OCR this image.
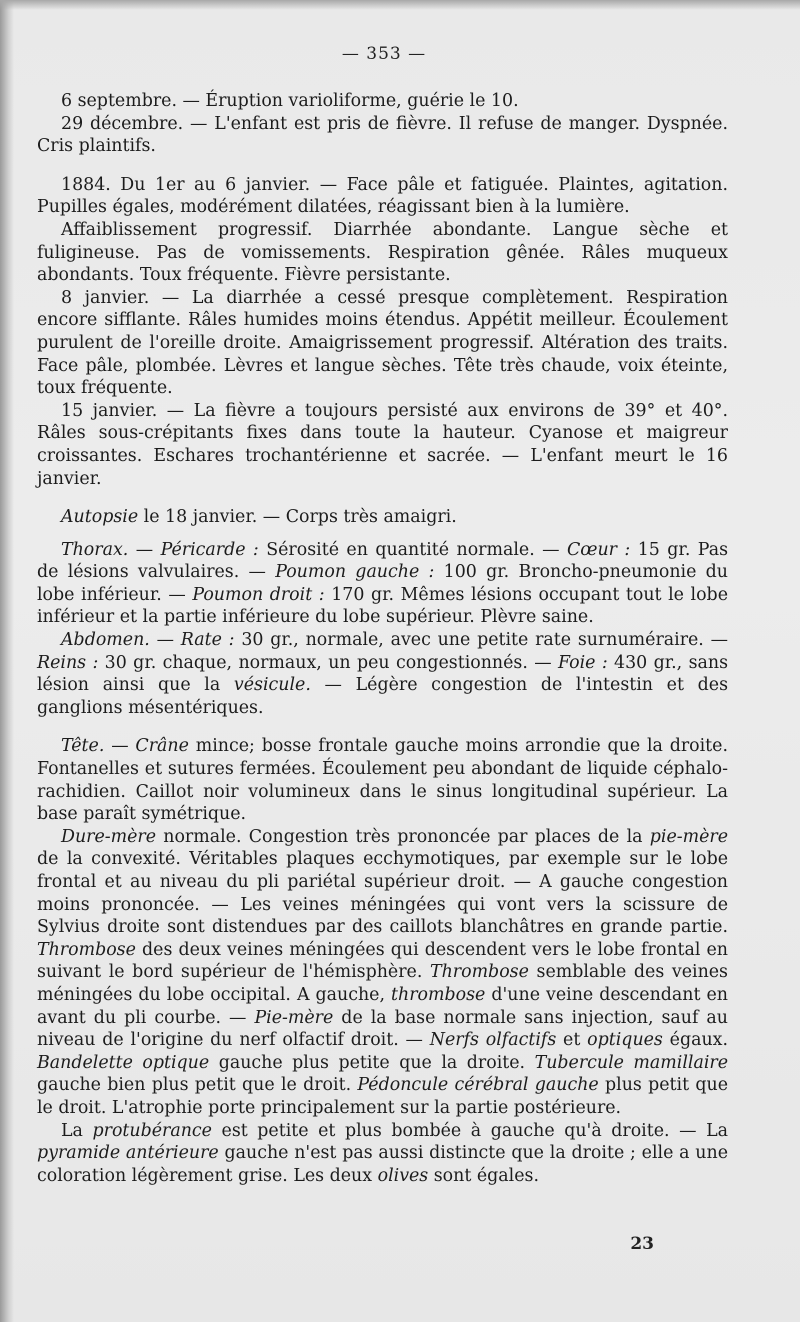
— 353 —

6 septembre. — Éruption varioliforme, guérie le 10.

29 décembre. — L'enfant est pris de fièvre. Il refuse de manger. Dyspnée. Cris plaintifs.

1884. Du 1er au 6 janvier. — Face pâle et fatiguée. Plaintes, agitation. Pupilles égales, modérément dilatées, réagissant bien à la lumière.

Affaiblissement progressif. Diarrhée abondante. Langue sèche et fuligineuse. Pas de vomissements. Respiration gênée. Râles muqueux abondants. Toux fréquente. Fièvre persistante.

8 janvier. — La diarrhée a cessé presque complètement. Respiration encore sifflante. Râles humides moins étendus. Appétit meilleur. Écoulement purulent de l'oreille droite. Amaigrissement progressif. Altération des traits. Face pâle, plombée. Lèvres et langue sèches. Tête très chaude, voix éteinte, toux fréquente.

15 janvier. — La fièvre a toujours persisté aux environs de 39° et 40°. Râles sous-crépitants fixes dans toute la hauteur. Cyanose et maigreur croissantes. Eschares trochantérienne et sacrée. — L'enfant meurt le 16 janvier.

Autopsie le 18 janvier. — Corps très amaigri.

Thorax. — Péricarde : Sérosité en quantité normale. — Cœur : 15 gr. Pas de lésions valvulaires. — Poumon gauche : 100 gr. Broncho-pneumonie du lobe inférieur. — Poumon droit : 170 gr. Mêmes lésions occupant tout le lobe inférieur et la partie inférieure du lobe supérieur. Plèvre saine.

Abdomen. — Rate : 30 gr., normale, avec une petite rate surnuméraire. — Reins : 30 gr. chaque, normaux, un peu congestionnés. — Foie : 430 gr., sans lésion ainsi que la vésicule. — Légère congestion de l'intestin et des ganglions mésentériques.

Tête. — Crâne mince; bosse frontale gauche moins arrondie que la droite. Fontanelles et sutures fermées. Écoulement peu abondant de liquide céphalo-rachidien. Caillot noir volumineux dans le sinus longitudinal supérieur. La base paraît symétrique.

Dure-mère normale. Congestion très prononcée par places de la pie-mère de la convexité. Véritables plaques ecchymotiques, par exemple sur le lobe frontal et au niveau du pli pariétal supérieur droit. — A gauche congestion moins prononcée. — Les veines méningées qui vont vers la scissure de Sylvius droite sont distendues par des caillots blanchâtres en grande partie. Thrombose des deux veines méningées qui descendent vers le lobe frontal en suivant le bord supérieur de l'hémisphère. Thrombose semblable des veines méningées du lobe occipital. A gauche, thrombose d'une veine descendant en avant du pli courbe. — Pie-mère de la base normale sans injection, sauf au niveau de l'origine du nerf olfactif droit. — Nerfs olfactifs et optiques égaux. Bandelette optique gauche plus petite que la droite. Tubercule mamillaire gauche bien plus petit que le droit. Pédoncule cérébral gauche plus petit que le droit. L'atrophie porte principalement sur la partie postérieure.

La protubérance est petite et plus bombée à gauche qu'à droite. — La pyramide antérieure gauche n'est pas aussi distincte que la droite ; elle a une coloration légèrement grise. Les deux olives sont égales.

23
